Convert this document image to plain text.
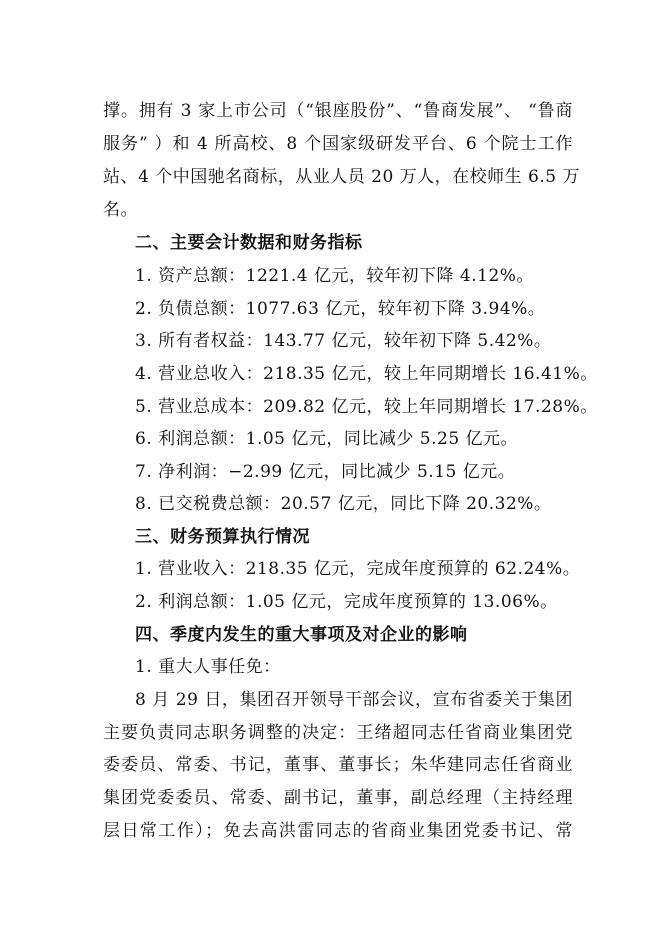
撑。拥有 3 家上市公司（“银座股份”、“鲁商发展”、 “鲁商
服务” ）和 4 所高校、8 个国家级研发平台、6 个院士工作
站、4 个中国驰名商标，从业人员 20 万人，在校师生 6.5 万
名。
二、主要会计数据和财务指标
1. 资产总额：1221.4 亿元，较年初下降 4.12%。
2. 负债总额：1077.63 亿元，较年初下降 3.94%。
3. 所有者权益：143.77 亿元，较年初下降 5.42%。
4. 营业总收入：218.35 亿元，较上年同期增长 16.41%。
5. 营业总成本：209.82 亿元，较上年同期增长 17.28%。
6. 利润总额：1.05 亿元，同比减少 5.25 亿元。
7. 净利润：−2.99 亿元，同比减少 5.15 亿元。
8. 已交税费总额：20.57 亿元，同比下降 20.32%。
三、财务预算执行情况
1. 营业收入：218.35 亿元，完成年度预算的 62.24%。
2. 利润总额：1.05 亿元，完成年度预算的 13.06%。
四、季度内发生的重大事项及对企业的影响
1. 重大人事任免：
8 月 29 日，集团召开领导干部会议，宣布省委关于集团
主要负责同志职务调整的决定：王绪超同志任省商业集团党
委委员、常委、书记，董事、董事长；朱华建同志任省商业
集团党委委员、常委、副书记，董事，副总经理（主持经理
层日常工作）；免去高洪雷同志的省商业集团党委书记、常
